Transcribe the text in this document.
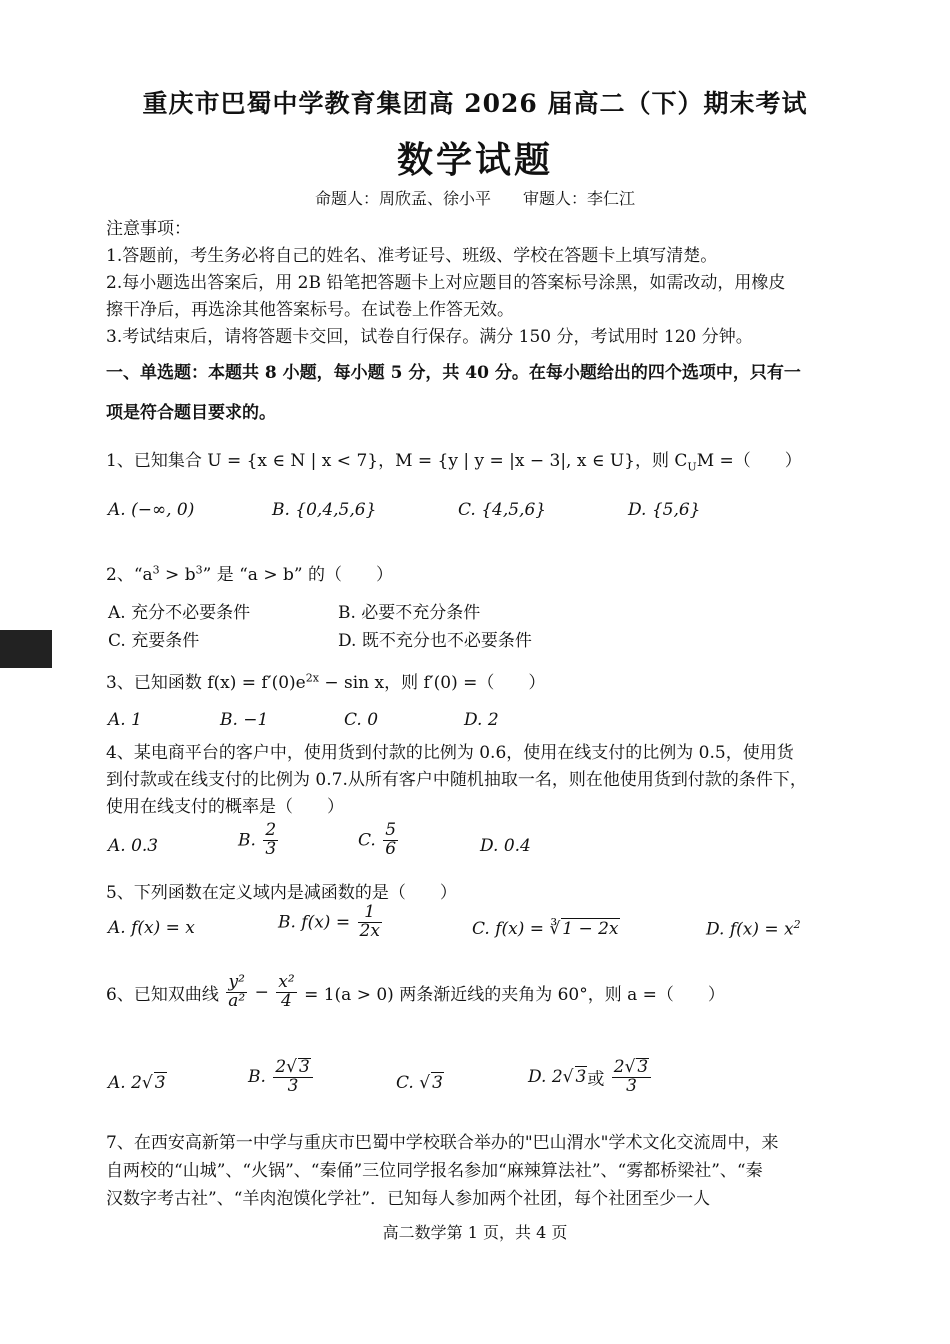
重庆市巴蜀中学教育集团高 2026 届高二（下）期末考试
数学试题
命题人：周欣孟、徐小平　　审题人：李仁江
注意事项：
1.答题前，考生务必将自己的姓名、准考证号、班级、学校在答题卡上填写清楚。
2.每小题选出答案后，用 2B 铅笔把答题卡上对应题目的答案标号涂黑，如需改动，用橡皮
擦干净后，再选涂其他答案标号。在试卷上作答无效。
3.考试结束后，请将答题卡交回，试卷自行保存。满分 150 分，考试用时 120 分钟。
一、单选题：本题共 8 小题，每小题 5 分，共 40 分。在每小题给出的四个选项中，只有一
项是符合题目要求的。
1、已知集合 U = {x ∈ N | x < 7}，M = {y | y = |x − 3|, x ∈ U}，则 $C_UM$ =（　　）
A. (−∞, 0)	B. {0,4,5,6}	C. {4,5,6}	D. {5,6}
2、“$a^3 > b^3$” 是 “a > b” 的（　　）
A. 充分不必要条件	B. 必要不充分条件
C. 充要条件	D. 既不充分也不必要条件
3、已知函数 $f(x) = f'(0)e^{2x} - \sin x$，则 f′(0) =（　　）
A. 1	B. −1	C. 0	D. 2
4、某电商平台的客户中，使用货到付款的比例为 0.6，使用在线支付的比例为 0.5，使用货
到付款或在线支付的比例为 0.7.从所有客户中随机抽取一名，则在他使用货到付款的条件下，
使用在线支付的概率是（　　）
A. 0.3	B. $\frac{2}{3}$	C. $\frac{5}{6}$	D. 0.4
5、下列函数在定义域内是减函数的是（　　）
A. f(x) = x	B. $f(x) = \frac{1}{2x}$	C. f(x) = ∛ 1 − 2x	D. $f(x) = x^2$
6、已知双曲线 $\frac{\text{y²}}{\text{a²}} - \frac{\text{x²}}{4} = 1(a > 0)$ 两条渐近线的夹角为 60°，则 a =（　　）
A. 2√ 3	B. $\frac{2√ 3}{3}$	C. √ 3	D. 2√ 3或 $\frac{2√ 3}{3}$
7、在西安高新第一中学与重庆市巴蜀中学校联合举办的"巴山渭水"学术文化交流周中，来
自两校的“山城”、“火锅”、“秦俑”三位同学报名参加“麻辣算法社”、“雾都桥梁社”、“秦
汉数字考古社”、“羊肉泡馍化学社”．已知每人参加两个社团，每个社团至少一人
高二数学第 1 页，共 4 页
